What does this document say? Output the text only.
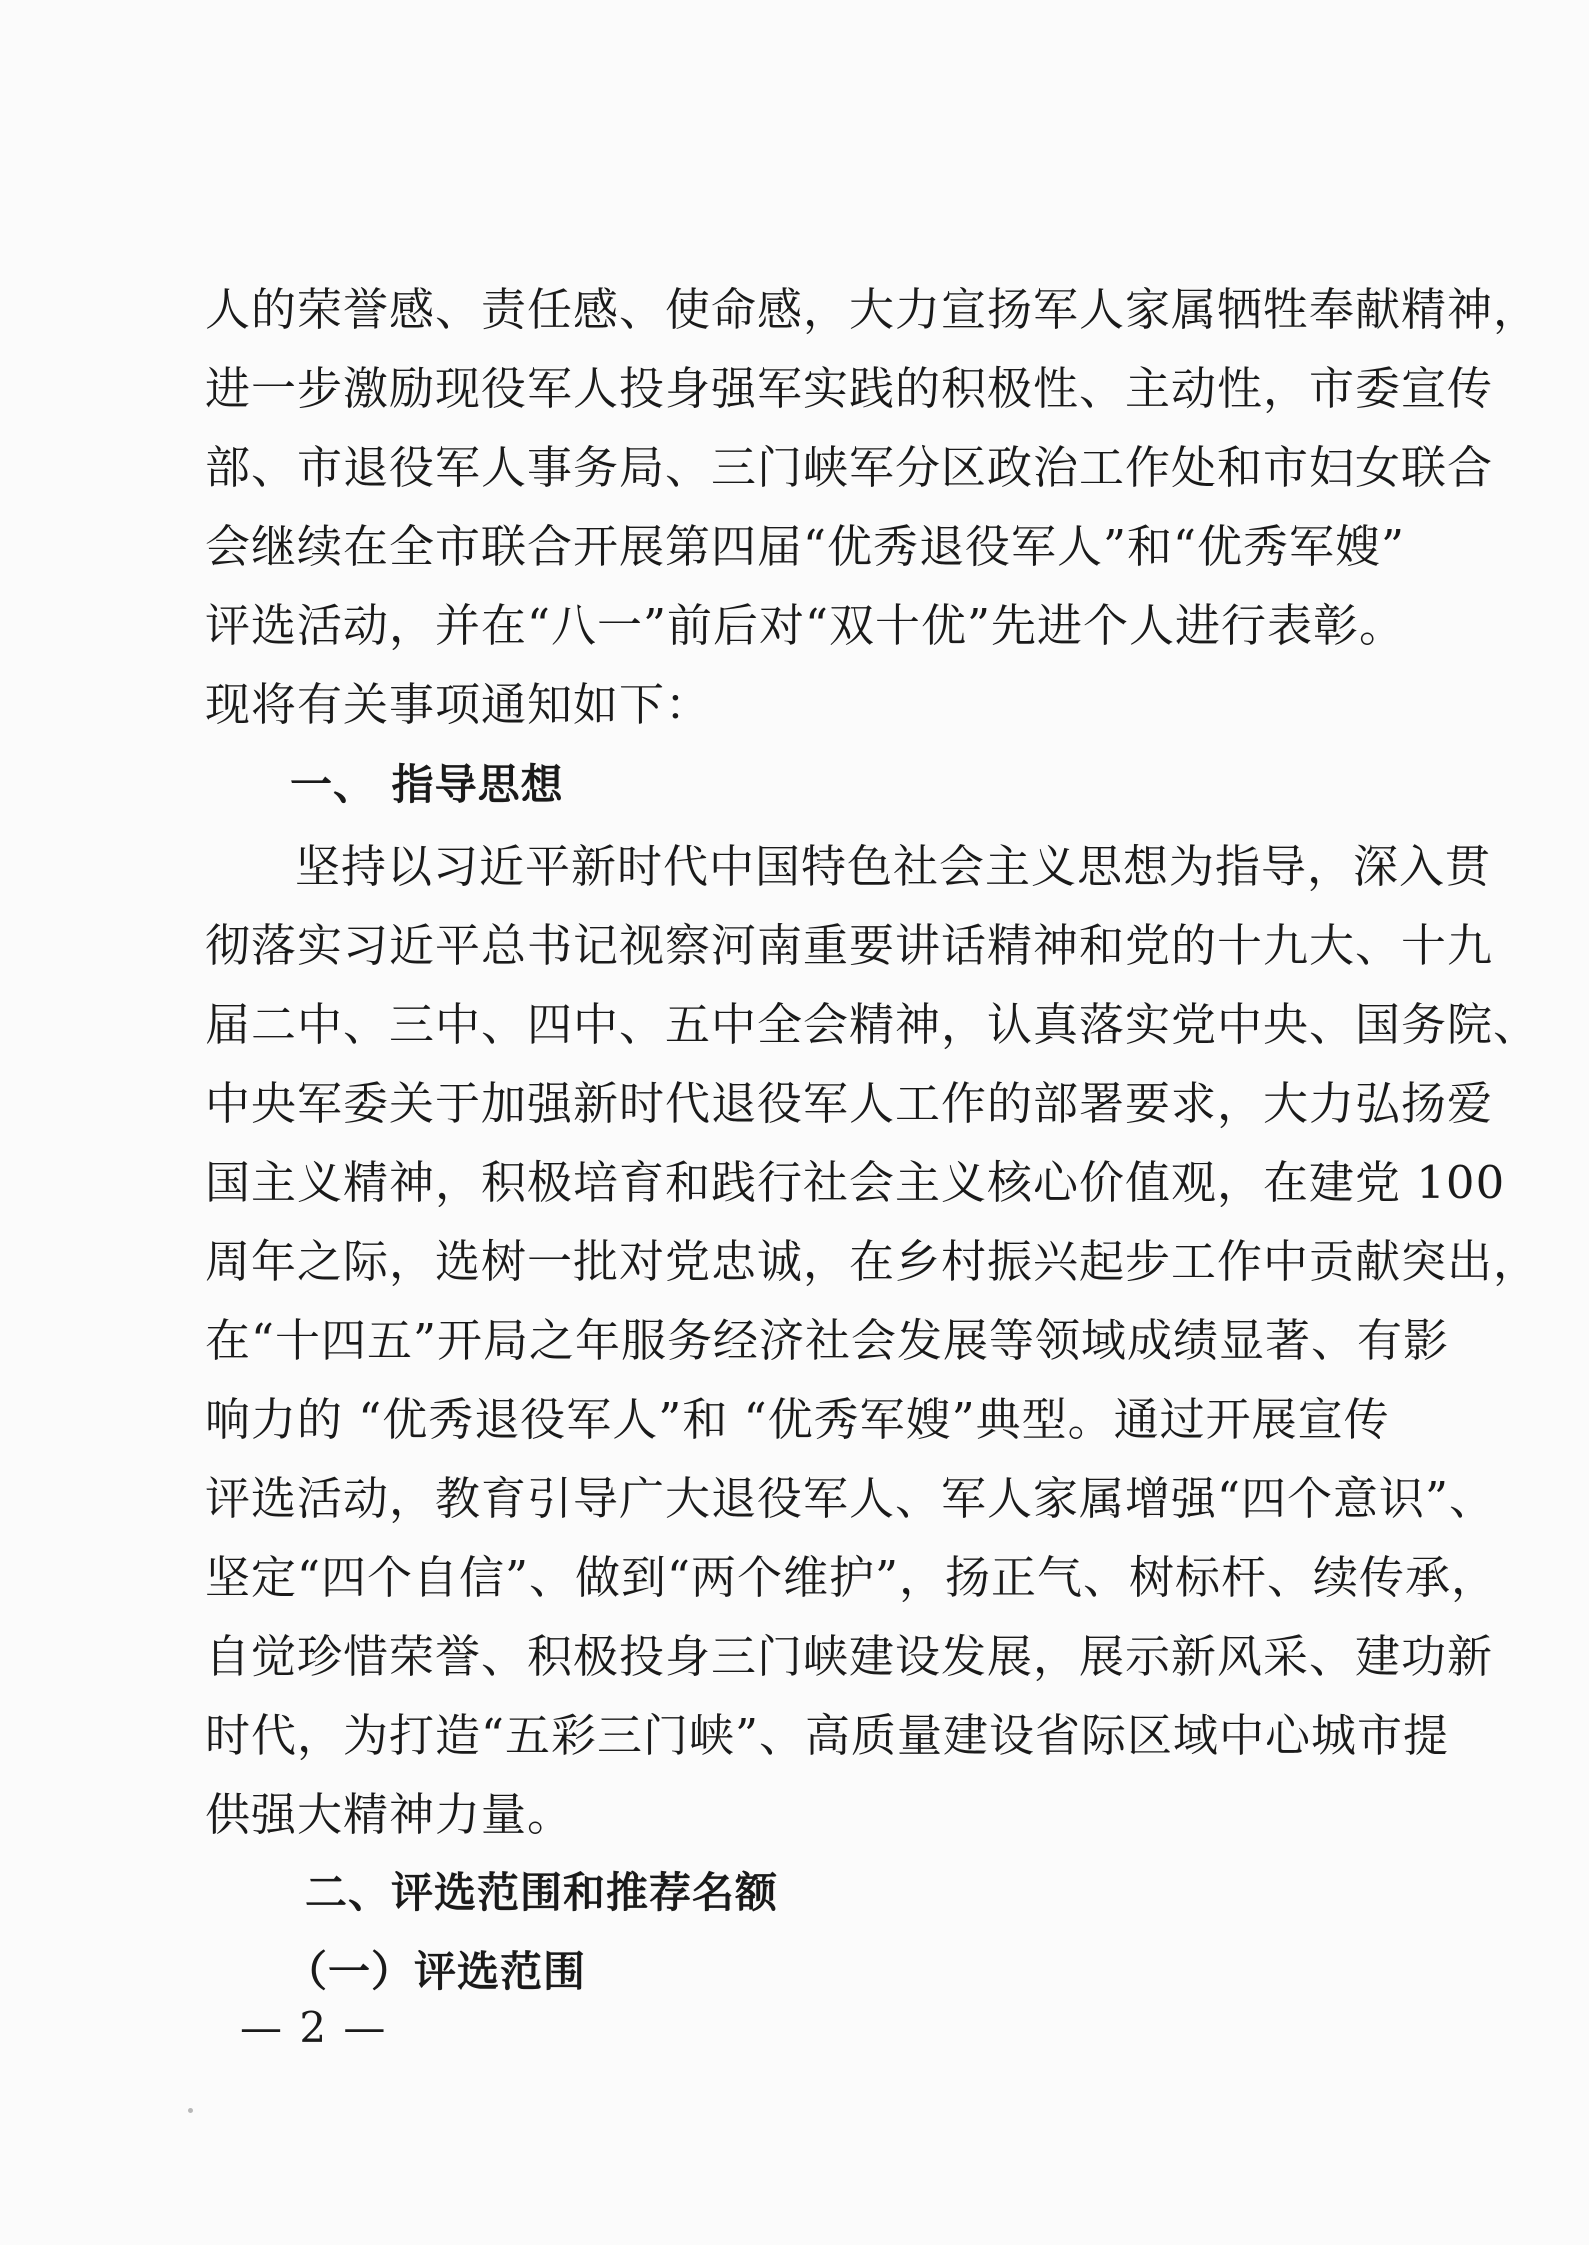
人的荣誉感、责任感、使命感，大力宣扬军人家属牺牲奉献精神，
进一步激励现役军人投身强军实践的积极性、主动性，市委宣传
部、市退役军人事务局、三门峡军分区政治工作处和市妇女联合
会继续在全市联合开展第四届“优秀退役军人”和“优秀军嫂”
评选活动，并在“八一”前后对“双十优”先进个人进行表彰。
现将有关事项通知如下：
一、 指导思想
坚持以习近平新时代中国特色社会主义思想为指导，深入贯
彻落实习近平总书记视察河南重要讲话精神和党的十九大、十九
届二中、三中、四中、五中全会精神，认真落实党中央、国务院、
中央军委关于加强新时代退役军人工作的部署要求，大力弘扬爱
国主义精神，积极培育和践行社会主义核心价值观，在建党 100
周年之际，选树一批对党忠诚，在乡村振兴起步工作中贡献突出，
在“十四五”开局之年服务经济社会发展等领域成绩显著、有影
响力的 “优秀退役军人”和 “优秀军嫂”典型。通过开展宣传
评选活动，教育引导广大退役军人、军人家属增强“四个意识”、
坚定“四个自信”、做到“两个维护”，扬正气、树标杆、续传承，
自觉珍惜荣誉、积极投身三门峡建设发展，展示新风采、建功新
时代，为打造“五彩三门峡”、高质量建设省际区域中心城市提
供强大精神力量。
二、评选范围和推荐名额
（一）评选范围
— 2 —
